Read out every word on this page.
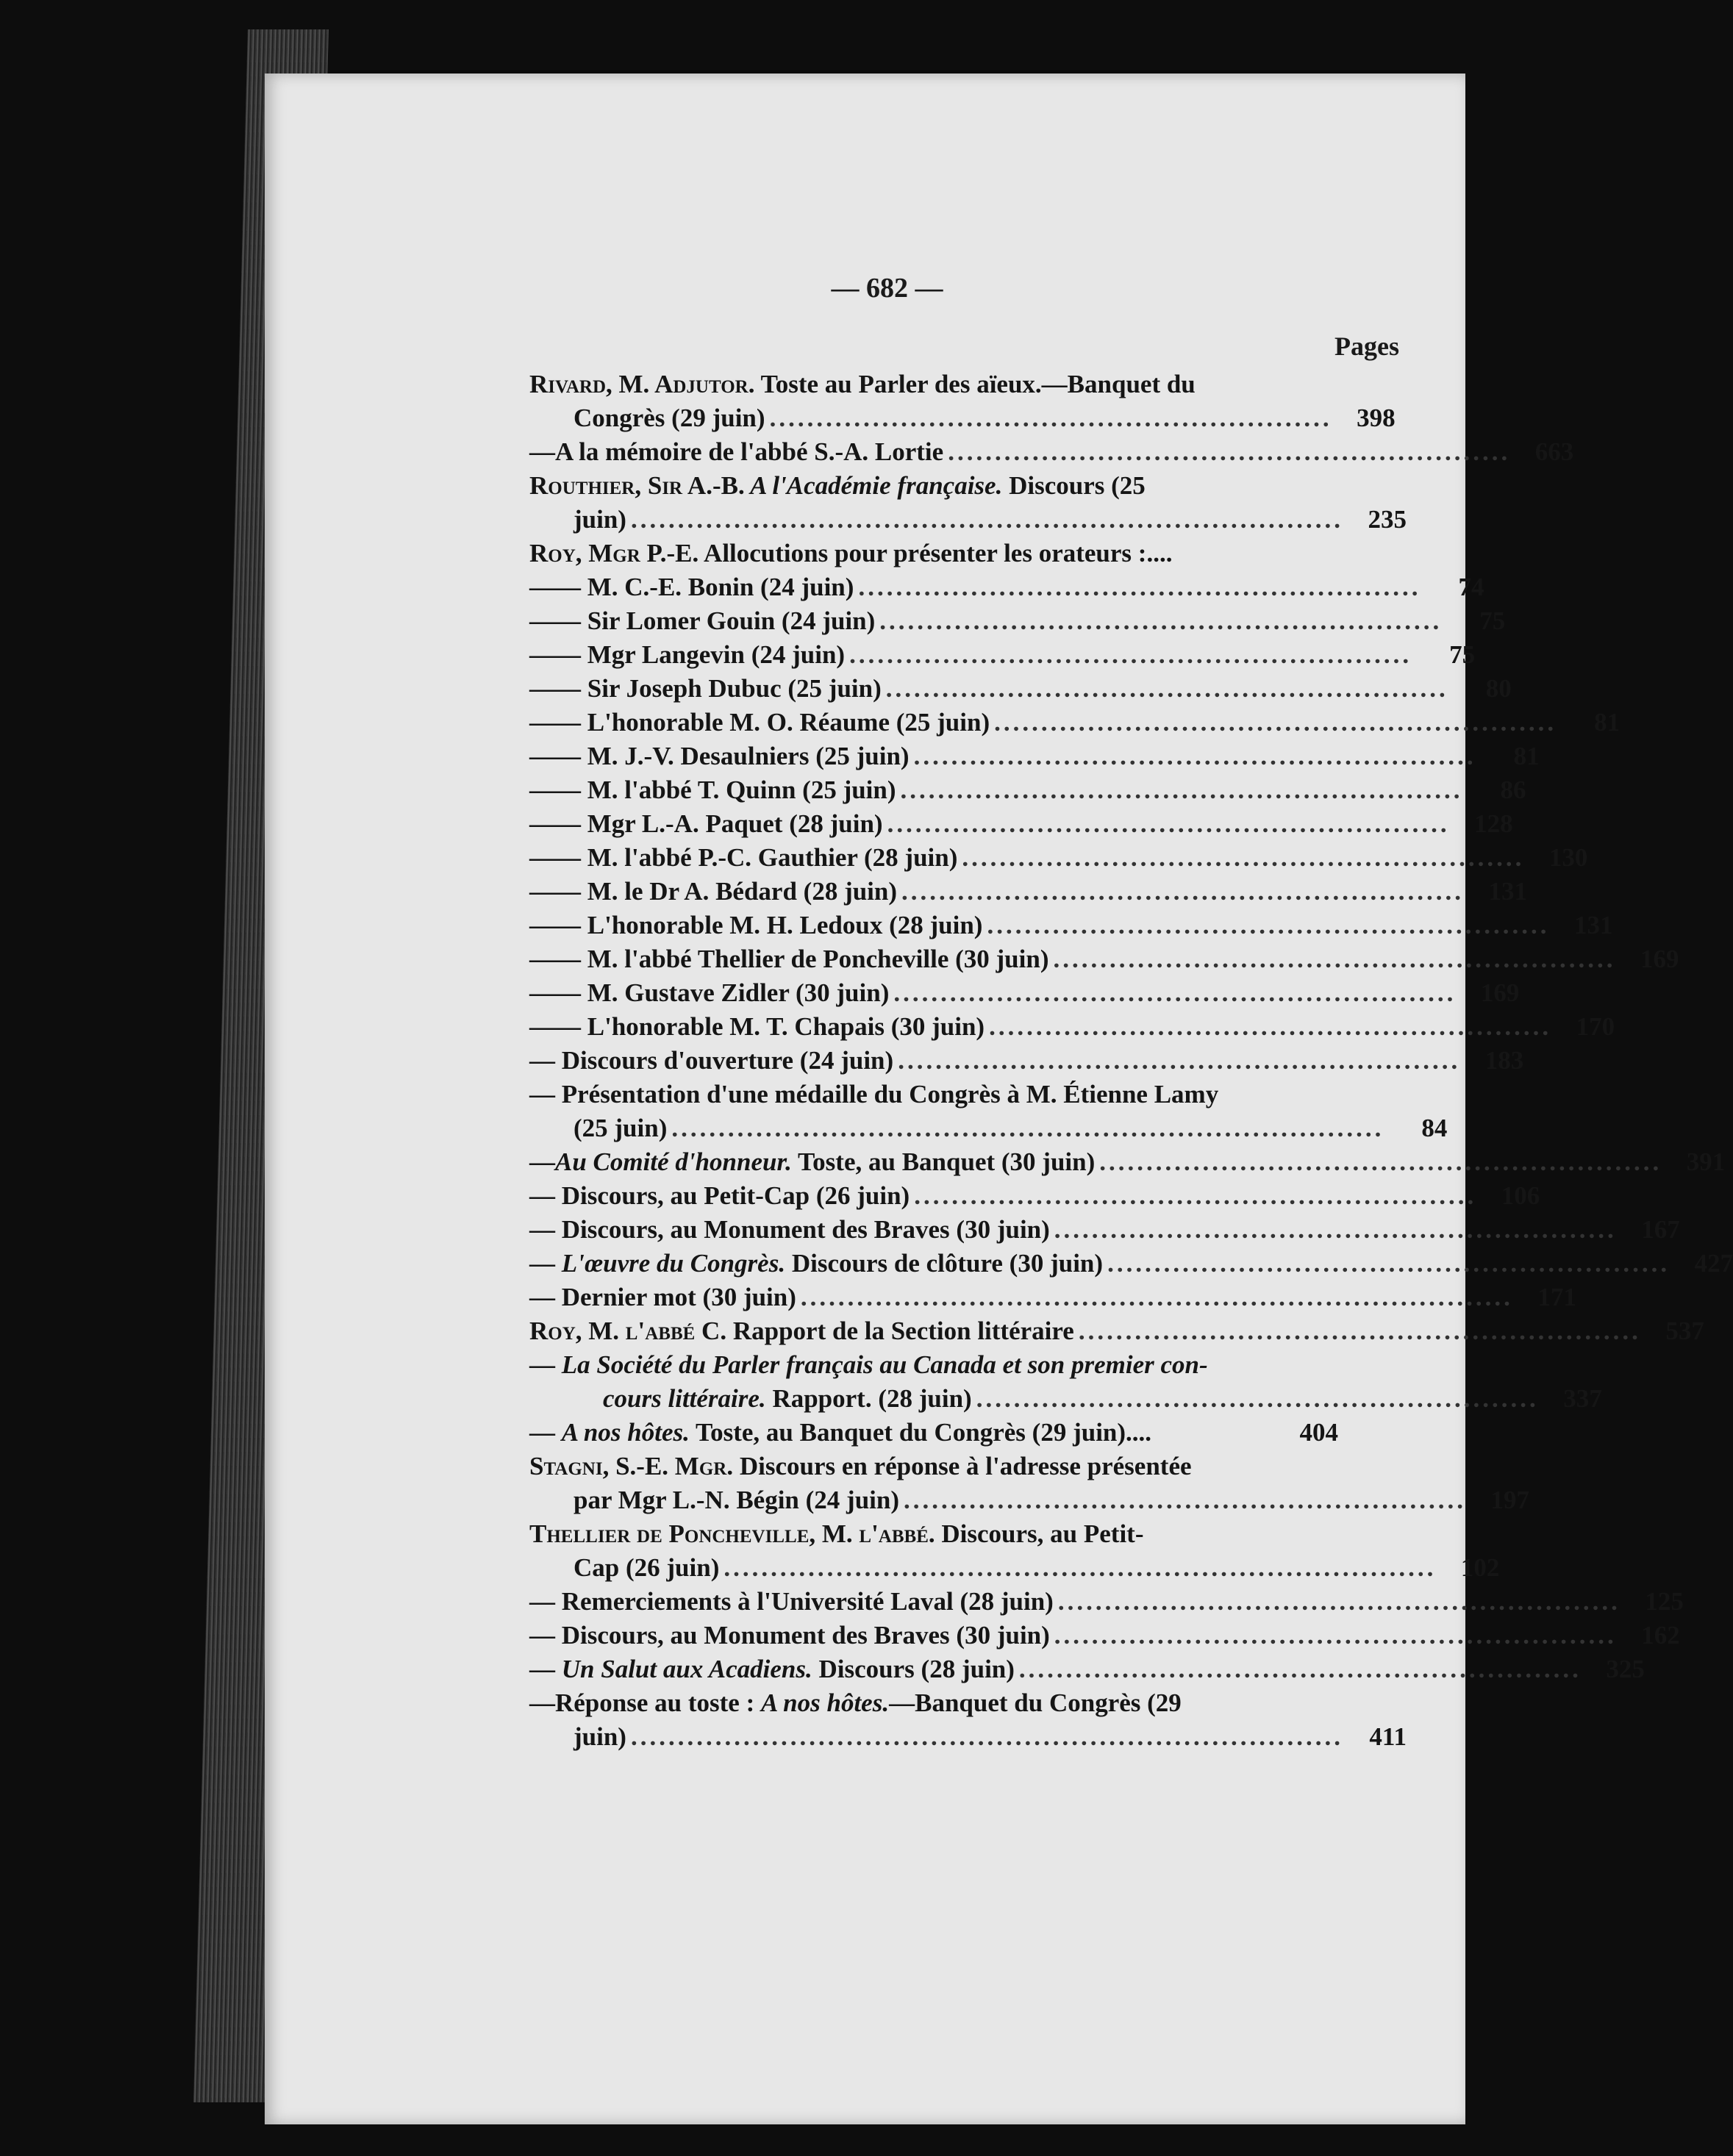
— 682 —
Pages
Rivard, M. Adjutor. Toste au Parler des aïeux.—Banquet du
Congrès (29 juin) ............................................................ 398
—A la mémoire de l'abbé S.-A. Lortie ............................................................ 663
Routhier, Sir A.-B. A l'Académie française. Discours (25
juin) ............................................................................ 235
Roy, Mgr P.-E. Allocutions pour présenter les orateurs :....
—— M. C.-E. Bonin (24 juin) ............................................................	74
—— Sir Lomer Gouin (24 juin) ............................................................	75
—— Mgr Langevin (24 juin) ............................................................	75
—— Sir Joseph Dubuc (25 juin) ............................................................	80
—— L'honorable M. O. Réaume (25 juin) ............................................................	81
—— M. J.-V. Desaulniers (25 juin) ............................................................	81
—— M. l'abbé T. Quinn (25 juin) ............................................................	86
—— Mgr L.-A. Paquet (28 juin) ............................................................ 128
—— M. l'abbé P.-C. Gauthier (28 juin) ............................................................ 130
—— M. le Dr A. Bédard (28 juin) ............................................................ 131
—— L'honorable M. H. Ledoux (28 juin) ............................................................ 131
—— M. l'abbé Thellier de Poncheville (30 juin) ............................................................ 169
—— M. Gustave Zidler (30 juin) ............................................................ 169
—— L'honorable M. T. Chapais (30 juin) ............................................................ 170
— Discours d'ouverture (24 juin) ............................................................ 183
— Présentation d'une médaille du Congrès à M. Étienne Lamy
(25 juin) ............................................................................	84
—Au Comité d'honneur. Toste, au Banquet (30 juin) ............................................................ 391
— Discours, au Petit-Cap (26 juin) ............................................................ 106
— Discours, au Monument des Braves (30 juin) ............................................................ 167
— L'œuvre du Congrès. Discours de clôture (30 juin) ............................................................ 427
— Dernier mot (30 juin) ............................................................................ 171
Roy, M. l'abbé C. Rapport de la Section littéraire ............................................................ 537
— La Société du Parler français au Canada et son premier con-
cours littéraire. Rapport. (28 juin) ............................................................ 337
— A nos hôtes. Toste, au Banquet du Congrès (29 juin)....	404
Stagni, S.-E. Mgr. Discours en réponse à l'adresse présentée
par Mgr L.-N. Bégin (24 juin) ............................................................ 197
Thellier de Poncheville, M. l'abbé. Discours, au Petit-
Cap (26 juin) ............................................................................ 102
— Remerciements à l'Université Laval (28 juin) ............................................................ 125
— Discours, au Monument des Braves (30 juin) ............................................................ 162
— Un Salut aux Acadiens. Discours (28 juin) ............................................................ 325
—Réponse au toste : A nos hôtes.—Banquet du Congrès (29
juin) ............................................................................	411
